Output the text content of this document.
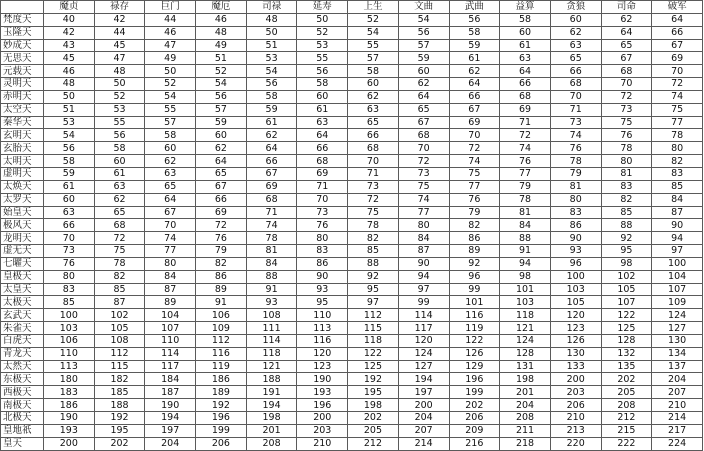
	魔贞	禄存	巨门	魔厄	司禄	延寿	上生	文曲	武曲	益算	贪狼	司命	破军
梵度天	40	42	44	46	48	50	52	54	56	58	60	62	64
玉隆天	42	44	46	48	50	52	54	56	58	60	62	64	66
妙成天	43	45	47	49	51	53	55	57	59	61	63	65	67
无思天	45	47	49	51	53	55	57	59	61	63	65	67	69
元载天	46	48	50	52	54	56	58	60	62	64	66	68	70
灵明天	48	50	52	54	56	58	60	62	64	66	68	70	72
赤明天	50	52	54	56	58	60	62	64	66	68	70	72	74
太空天	51	53	55	57	59	61	63	65	67	69	71	73	75
秦华天	53	55	57	59	61	63	65	67	69	71	73	75	77
玄明天	54	56	58	60	62	64	66	68	70	72	74	76	78
玄胎天	56	58	60	62	64	66	68	70	72	74	76	78	80
太明天	58	60	62	64	66	68	70	72	74	76	78	80	82
虚明天	59	61	63	65	67	69	71	73	75	77	79	81	83
太焕天	61	63	65	67	69	71	73	75	77	79	81	83	85
太罗天	60	62	64	66	68	70	72	74	76	78	80	82	84
始皇天	63	65	67	69	71	73	75	77	79	81	83	85	87
极风天	66	68	70	72	74	76	78	80	82	84	86	88	90
龙明天	70	72	74	76	78	80	82	84	86	88	90	92	94
虚无天	73	75	77	79	81	83	85	87	89	91	93	95	97
七曜天	76	78	80	82	84	86	88	90	92	94	96	98	100
皇极天	80	82	84	86	88	90	92	94	96	98	100	102	104
太皇天	83	85	87	89	91	93	95	97	99	101	103	105	107
太极天	85	87	89	91	93	95	97	99	101	103	105	107	109
玄武天	100	102	104	106	108	110	112	114	116	118	120	122	124
朱雀天	103	105	107	109	111	113	115	117	119	121	123	125	127
白虎天	106	108	110	112	114	116	118	120	122	124	126	128	130
青龙天	110	112	114	116	118	120	122	124	126	128	130	132	134
太然天	113	115	117	119	121	123	125	127	129	131	133	135	137
东极天	180	182	184	186	188	190	192	194	196	198	200	202	204
西极天	183	185	187	189	191	193	195	197	199	201	203	205	207
南极天	186	188	190	192	194	196	198	200	202	204	206	208	210
北极天	190	192	194	196	198	200	202	204	206	208	210	212	214
皇地祇	193	195	197	199	201	203	205	207	209	211	213	215	217
皇天	200	202	204	206	208	210	212	214	216	218	220	222	224
